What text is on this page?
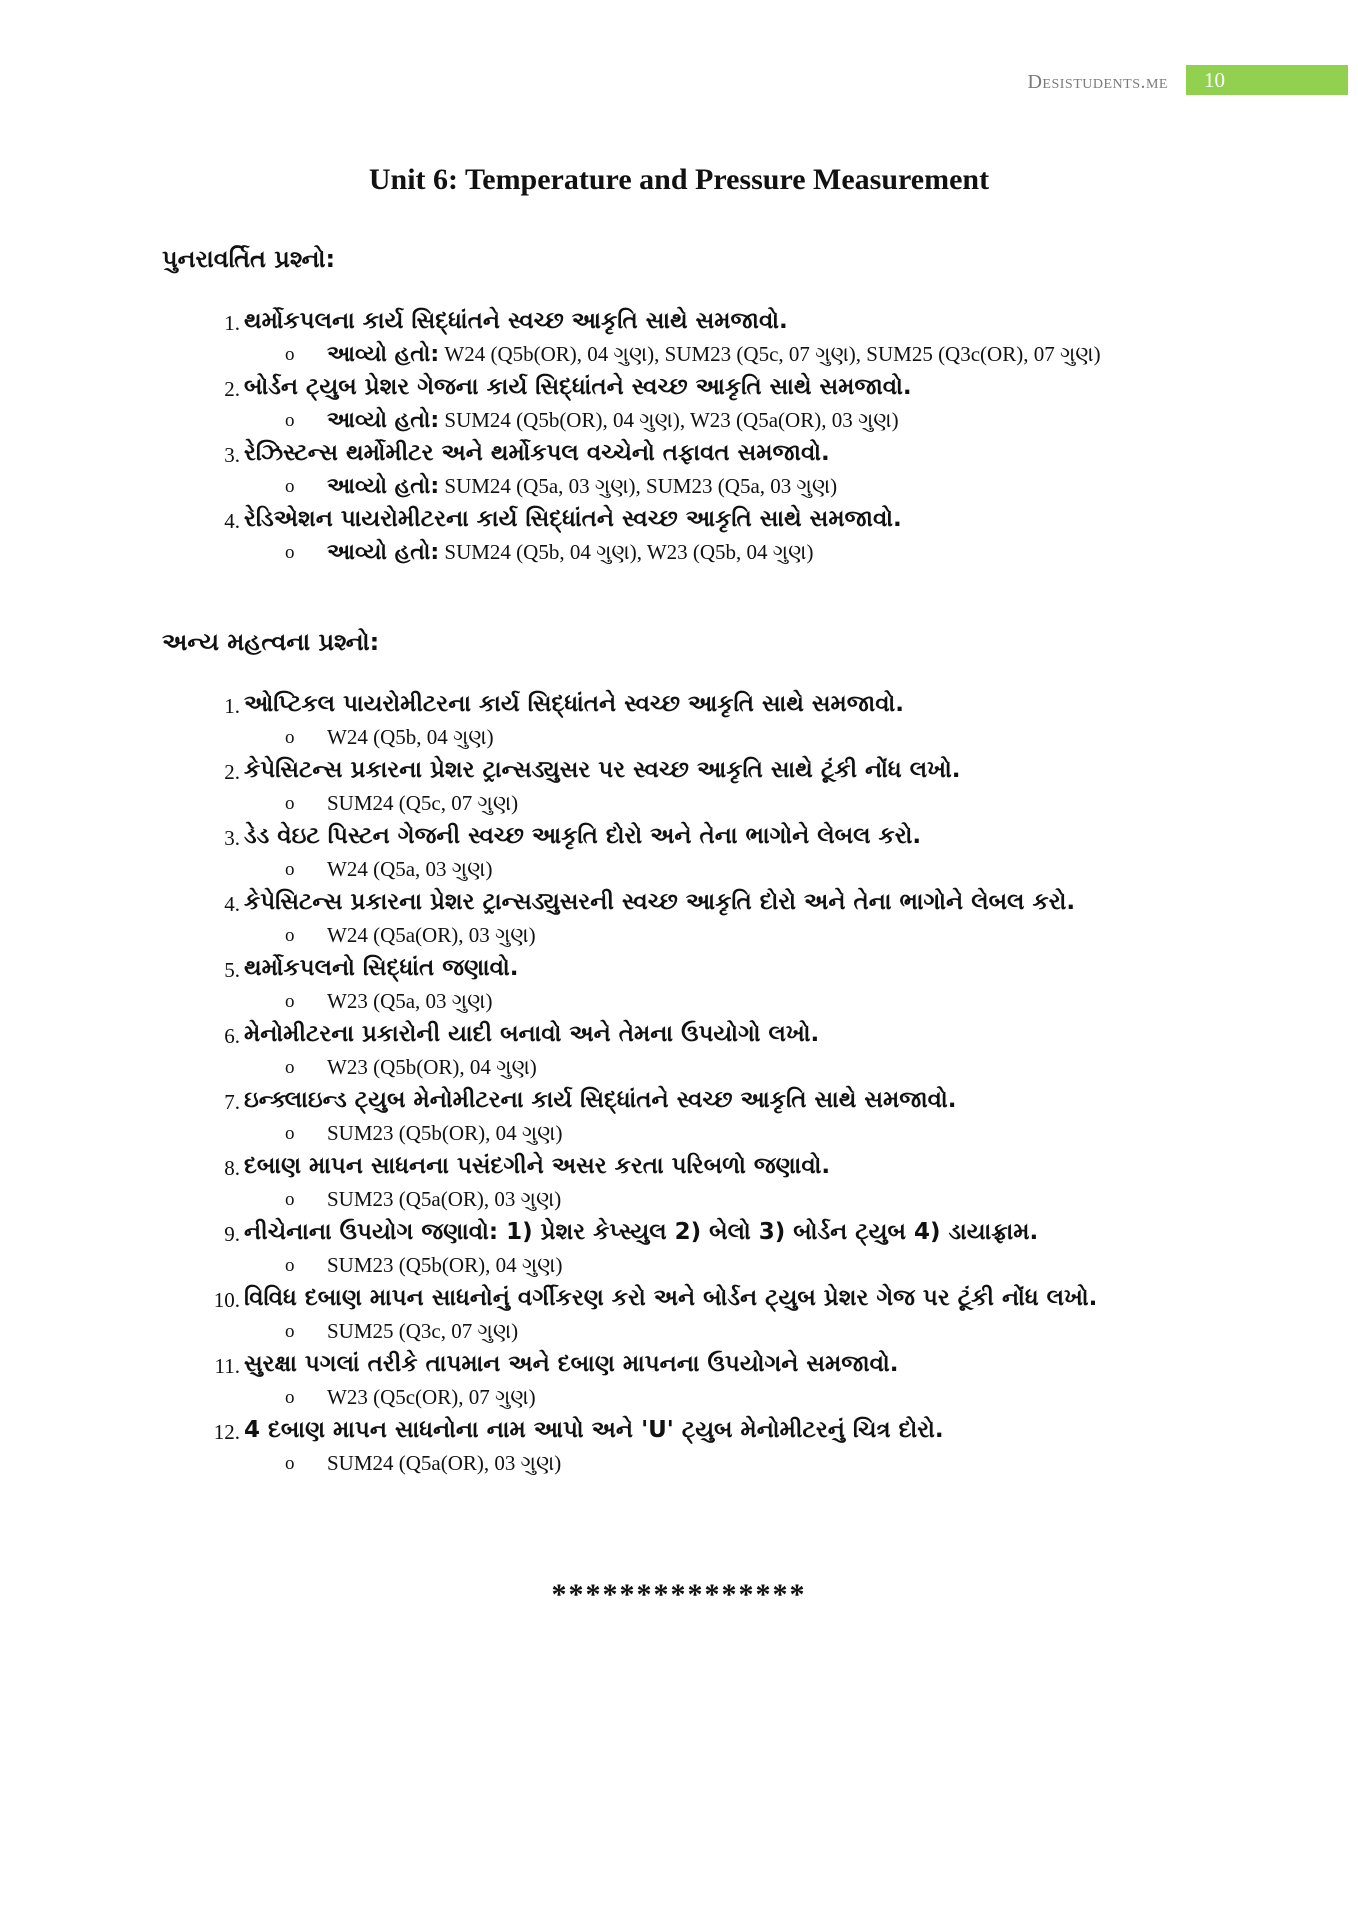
Desistudents.me	10
Unit 6: Temperature and Pressure Measurement
પુનરાવર્તિત પ્રશ્નો:
1. થર્મોકપલના કાર્ય સિદ્ધાંતને સ્વચ્છ આકૃતિ સાથે સમજાવો.
o આવ્યો હતો: W24 (Q5b(OR), 04 ગુણ), SUM23 (Q5c, 07 ગુણ), SUM25 (Q3c(OR), 07 ગુણ)
2. બોર્ડન ટ્યુબ પ્રેશર ગેજના કાર્ય સિદ્ધાંતને સ્વચ્છ આકૃતિ સાથે સમજાવો.
o આવ્યો હતો: SUM24 (Q5b(OR), 04 ગુણ), W23 (Q5a(OR), 03 ગુણ)
3. રેઝિસ્ટન્સ થર્મોમીટર અને થર્મોકપલ વચ્ચેનો તફાવત સમજાવો.
o આવ્યો હતો: SUM24 (Q5a, 03 ગુણ), SUM23 (Q5a, 03 ગુણ)
4. રેડિએશન પાયરોમીટરના કાર્ય સિદ્ધાંતને સ્વચ્છ આકૃતિ સાથે સમજાવો.
o આવ્યો હતો: SUM24 (Q5b, 04 ગુણ), W23 (Q5b, 04 ગુણ)
અન્ય મહત્વના પ્રશ્નો:
1. ઓપ્ટિકલ પાયરોમીટરના કાર્ય સિદ્ધાંતને સ્વચ્છ આકૃતિ સાથે સમજાવો.
o W24 (Q5b, 04 ગુણ)
2. કેપેસિટન્સ પ્રકારના પ્રેશર ટ્રાન્સડ્યુસર પર સ્વચ્છ આકૃતિ સાથે ટૂંકી નોંધ લખો.
o SUM24 (Q5c, 07 ગુણ)
3. ડેડ વેઇટ પિસ્ટન ગેજની સ્વચ્છ આકૃતિ દોરો અને તેના ભાગોને લેબલ કરો.
o W24 (Q5a, 03 ગુણ)
4. કેપેસિટન્સ પ્રકારના પ્રેશર ટ્રાન્સડ્યુસરની સ્વચ્છ આકૃતિ દોરો અને તેના ભાગોને લેબલ કરો.
o W24 (Q5a(OR), 03 ગુણ)
5. થર્મોકપલનો સિદ્ધાંત જણાવો.
o W23 (Q5a, 03 ગુણ)
6. મેનોમીટરના પ્રકારોની યાદી બનાવો અને તેમના ઉપયોગો લખો.
o W23 (Q5b(OR), 04 ગુણ)
7. ઇન્ક્લાઇન્ડ ટ્યુબ મેનોમીટરના કાર્ય સિદ્ધાંતને સ્વચ્છ આકૃતિ સાથે સમજાવો.
o SUM23 (Q5b(OR), 04 ગુણ)
8. દબાણ માપન સાધનના પસંદગીને અસર કરતા પરિબળો જણાવો.
o SUM23 (Q5a(OR), 03 ગુણ)
9. નીચેનાના ઉપયોગ જણાવો: 1) પ્રેશર કેપ્સ્યુલ 2) બેલો 3) બોર્ડન ટ્યુબ 4) ડાયાફ્રામ.
o SUM23 (Q5b(OR), 04 ગુણ)
10. વિવિધ દબાણ માપન સાધનોનું વર્ગીકરણ કરો અને બોર્ડન ટ્યુબ પ્રેશર ગેજ પર ટૂંકી નોંધ લખો.
o SUM25 (Q3c, 07 ગુણ)
11. સુરક્ષા પગલાં તરીકે તાપમાન અને દબાણ માપનના ઉપયોગને સમજાવો.
o W23 (Q5c(OR), 07 ગુણ)
12. 4 દબાણ માપન સાધનોના નામ આપો અને 'U' ટ્યુબ મેનોમીટરનું ચિત્ર દોરો.
o SUM24 (Q5a(OR), 03 ગુણ)
***************
